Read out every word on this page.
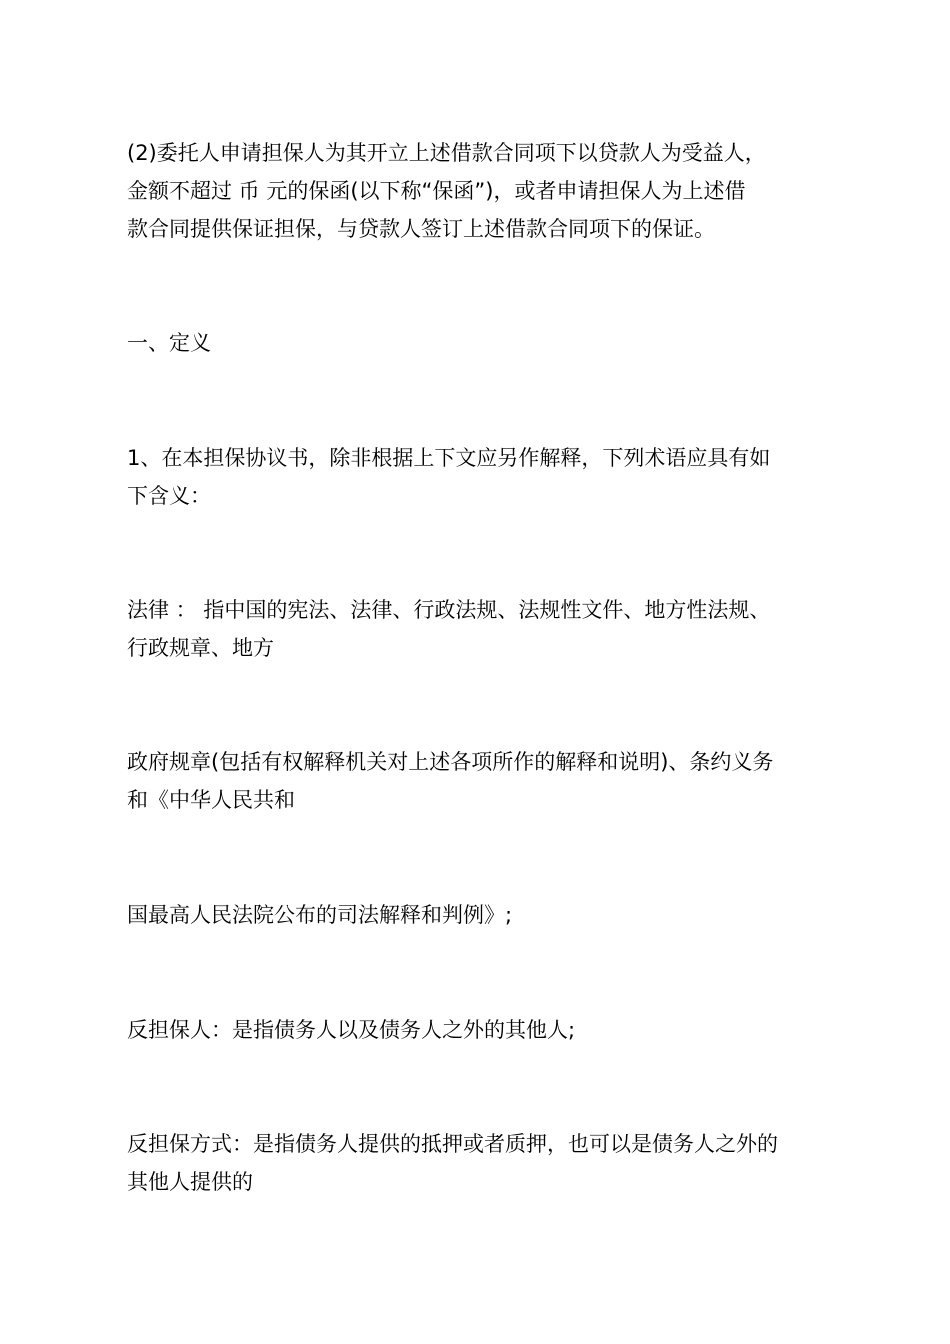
(2)委托人申请担保人为其开立上述借款合同项下以贷款人为受益人，
金额不超过 币 元的保函(以下称“保函”)，或者申请担保人为上述借
款合同提供保证担保，与贷款人签订上述借款合同项下的保证。
一、定义
1、在本担保协议书，除非根据上下文应另作解释，下列术语应具有如
下含义：
法律 ： 指中国的宪法、法律、行政法规、法规性文件、地方性法规、
行政规章、地方
政府规章(包括有权解释机关对上述各项所作的解释和说明)、条约义务
和《中华人民共和
国最高人民法院公布的司法解释和判例》;
反担保人：是指债务人以及债务人之外的其他人;
反担保方式：是指债务人提供的抵押或者质押，也可以是债务人之外的
其他人提供的
